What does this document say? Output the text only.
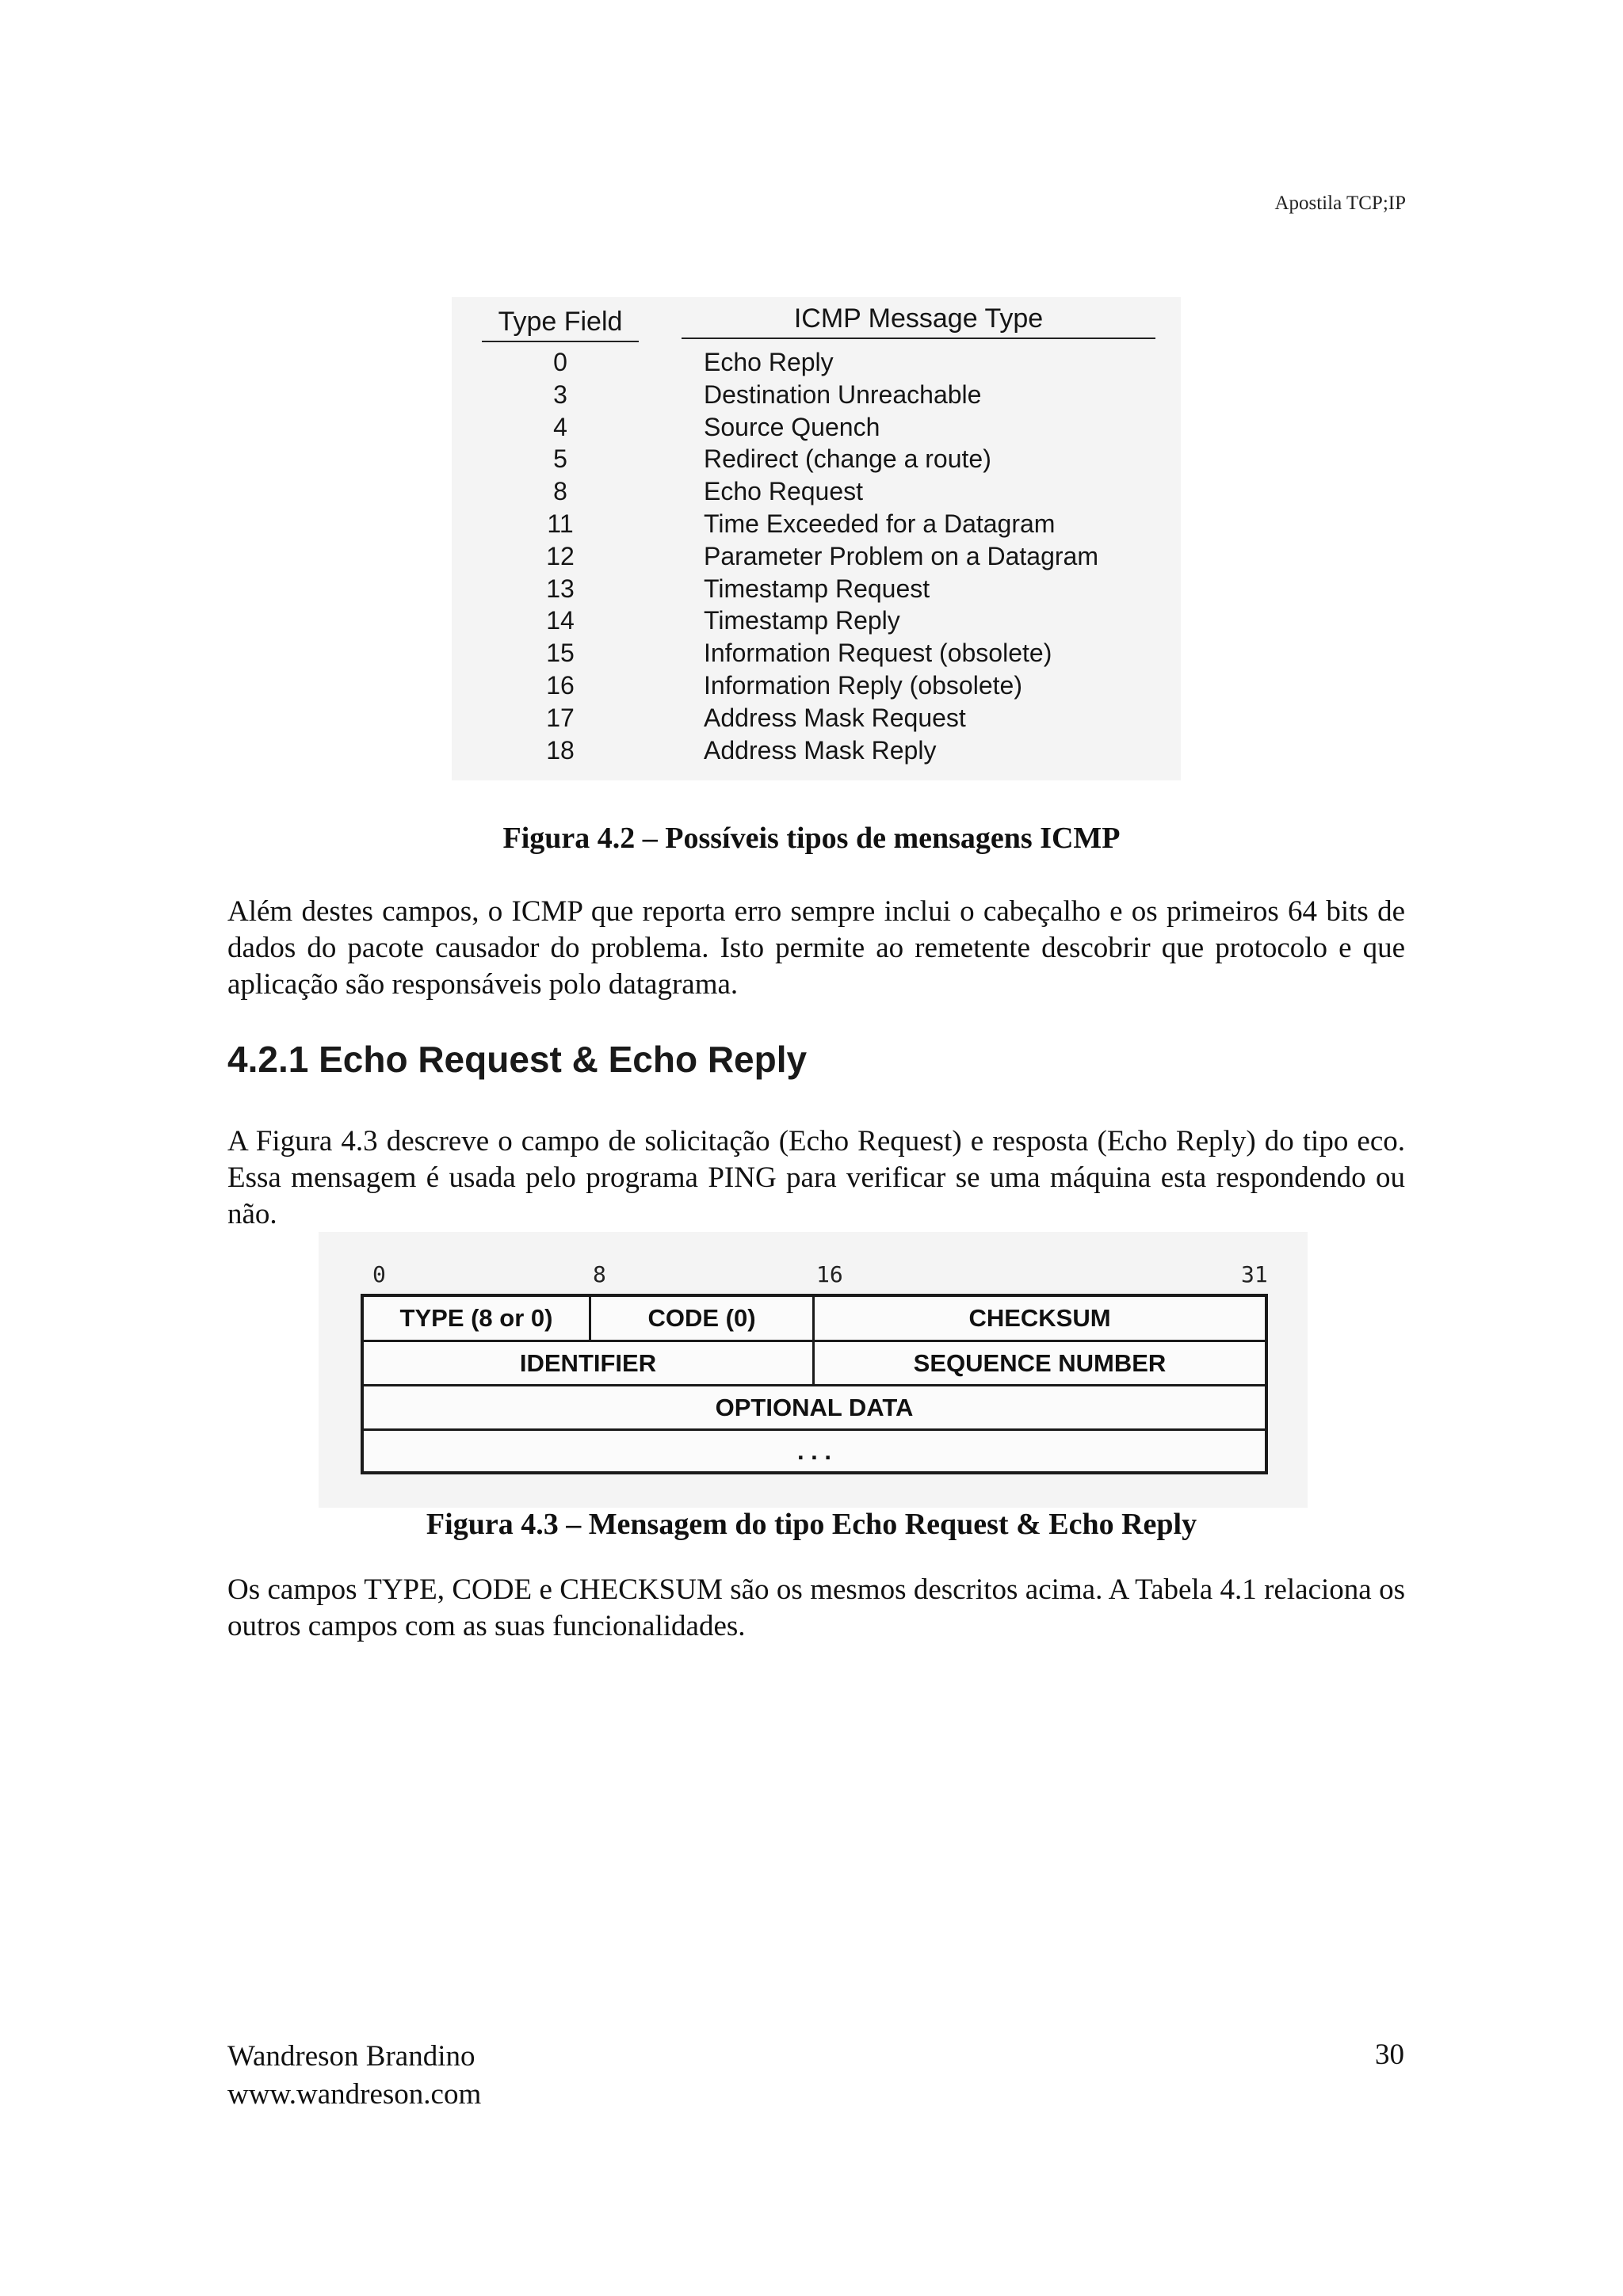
Apostila TCP;IP
Type Field	ICMP Message Type
0	Echo Reply
3	Destination Unreachable
4	Source Quench
5	Redirect (change a route)
8	Echo Request
11	Time Exceeded for a Datagram
12	Parameter Problem on a Datagram
13	Timestamp Request
14	Timestamp Reply
15	Information Request (obsolete)
16	Information Reply (obsolete)
17	Address Mask Request
18	Address Mask Reply
Figura 4.2 – Possíveis tipos de mensagens ICMP
Além destes campos, o ICMP que reporta erro sempre inclui o cabeçalho e os primeiros 64 bits de dados do pacote causador do problema. Isto permite ao remetente descobrir que protocolo e que aplicação são responsáveis polo datagrama.
4.2.1 Echo Request & Echo Reply
A Figura 4.3 descreve o campo de solicitação (Echo Request) e resposta (Echo Reply) do tipo eco. Essa mensagem é usada pelo programa PING para verificar se uma máquina esta respondendo ou não.
0	8	16	31
TYPE (8 or 0)	CODE (0)	CHECKSUM
IDENTIFIER	SEQUENCE NUMBER
OPTIONAL DATA
. . .
Figura 4.3 – Mensagem do tipo Echo Request & Echo Reply
Os campos TYPE, CODE e CHECKSUM são os mesmos descritos acima. A Tabela 4.1 relaciona os outros campos com as suas funcionalidades.
Wandreson Brandino
www.wandreson.com
30
